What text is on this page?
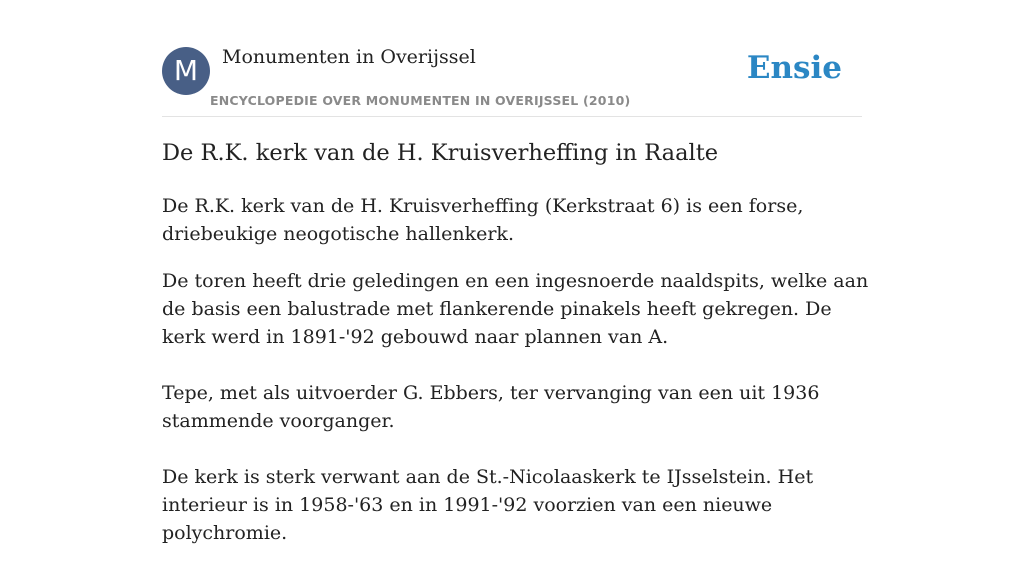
M	Monumenten in Overijssel
ENCYCLOPEDIE OVER MONUMENTEN IN OVERIJSSEL (2010)
Ensie
De R.K. kerk van de H. Kruisverheffing in Raalte

De R.K. kerk van de H. Kruisverheffing (Kerkstraat 6) is een forse, driebeukige neogotische hallenkerk.

De toren heeft drie geledingen en een ingesnoerde naaldspits, welke aan de basis een balustrade met flankerende pinakels heeft gekregen. De kerk werd in 1891-'92 gebouwd naar plannen van A.

Tepe, met als uitvoerder G. Ebbers, ter vervanging van een uit 1936 stammende voorganger.

De kerk is sterk verwant aan de St.-Nicolaaskerk te IJsselstein. Het interieur is in 1958-'63 en in 1991-'92 voorzien van een nieuwe polychromie.
